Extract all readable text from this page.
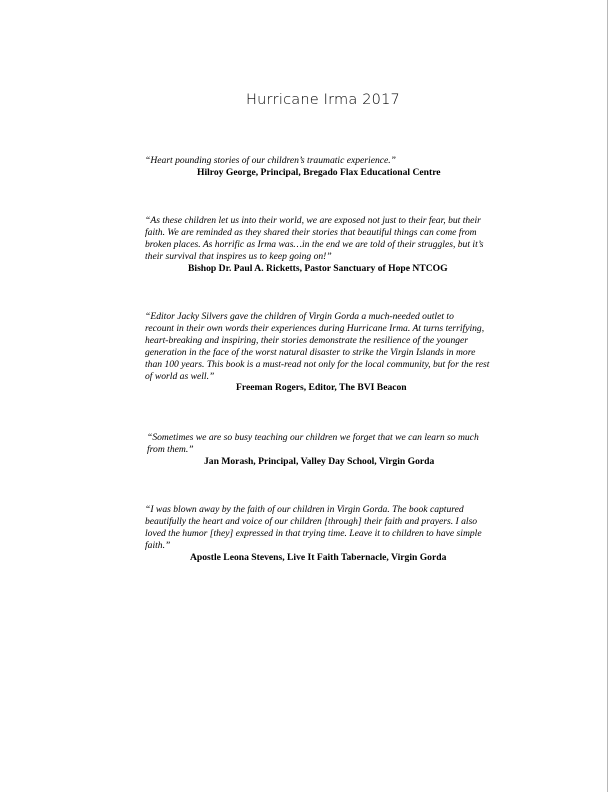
Hurricane Irma 2017

“Heart pounding stories of our children’s traumatic experience.”

Hilroy George, Principal, Bregado Flax Educational Centre

“As these children let us into their world, we are exposed not just to their fear, but their
faith. We are reminded as they shared their stories that beautiful things can come from
broken places. As horrific as Irma was…in the end we are told of their struggles, but it’s
their survival that inspires us to keep going on!”

Bishop Dr. Paul A. Ricketts, Pastor Sanctuary of Hope NTCOG

“Editor Jacky Silvers gave the children of Virgin Gorda a much-needed outlet to
recount in their own words their experiences during Hurricane Irma. At turns terrifying,
heart-breaking and inspiring, their stories demonstrate the resilience of the younger
generation in the face of the worst natural disaster to strike the Virgin Islands in more
than 100 years. This book is a must-read not only for the local community, but for the rest
of world as well.”

Freeman Rogers, Editor, The BVI Beacon

“Sometimes we are so busy teaching our children we forget that we can learn so much
from them.”

Jan Morash, Principal, Valley Day School, Virgin Gorda

“I was blown away by the faith of our children in Virgin Gorda. The book captured
beautifully the heart and voice of our children [through] their faith and prayers. I also
loved the humor [they] expressed in that trying time. Leave it to children to have simple
faith.”

Apostle Leona Stevens, Live It Faith Tabernacle, Virgin Gorda
